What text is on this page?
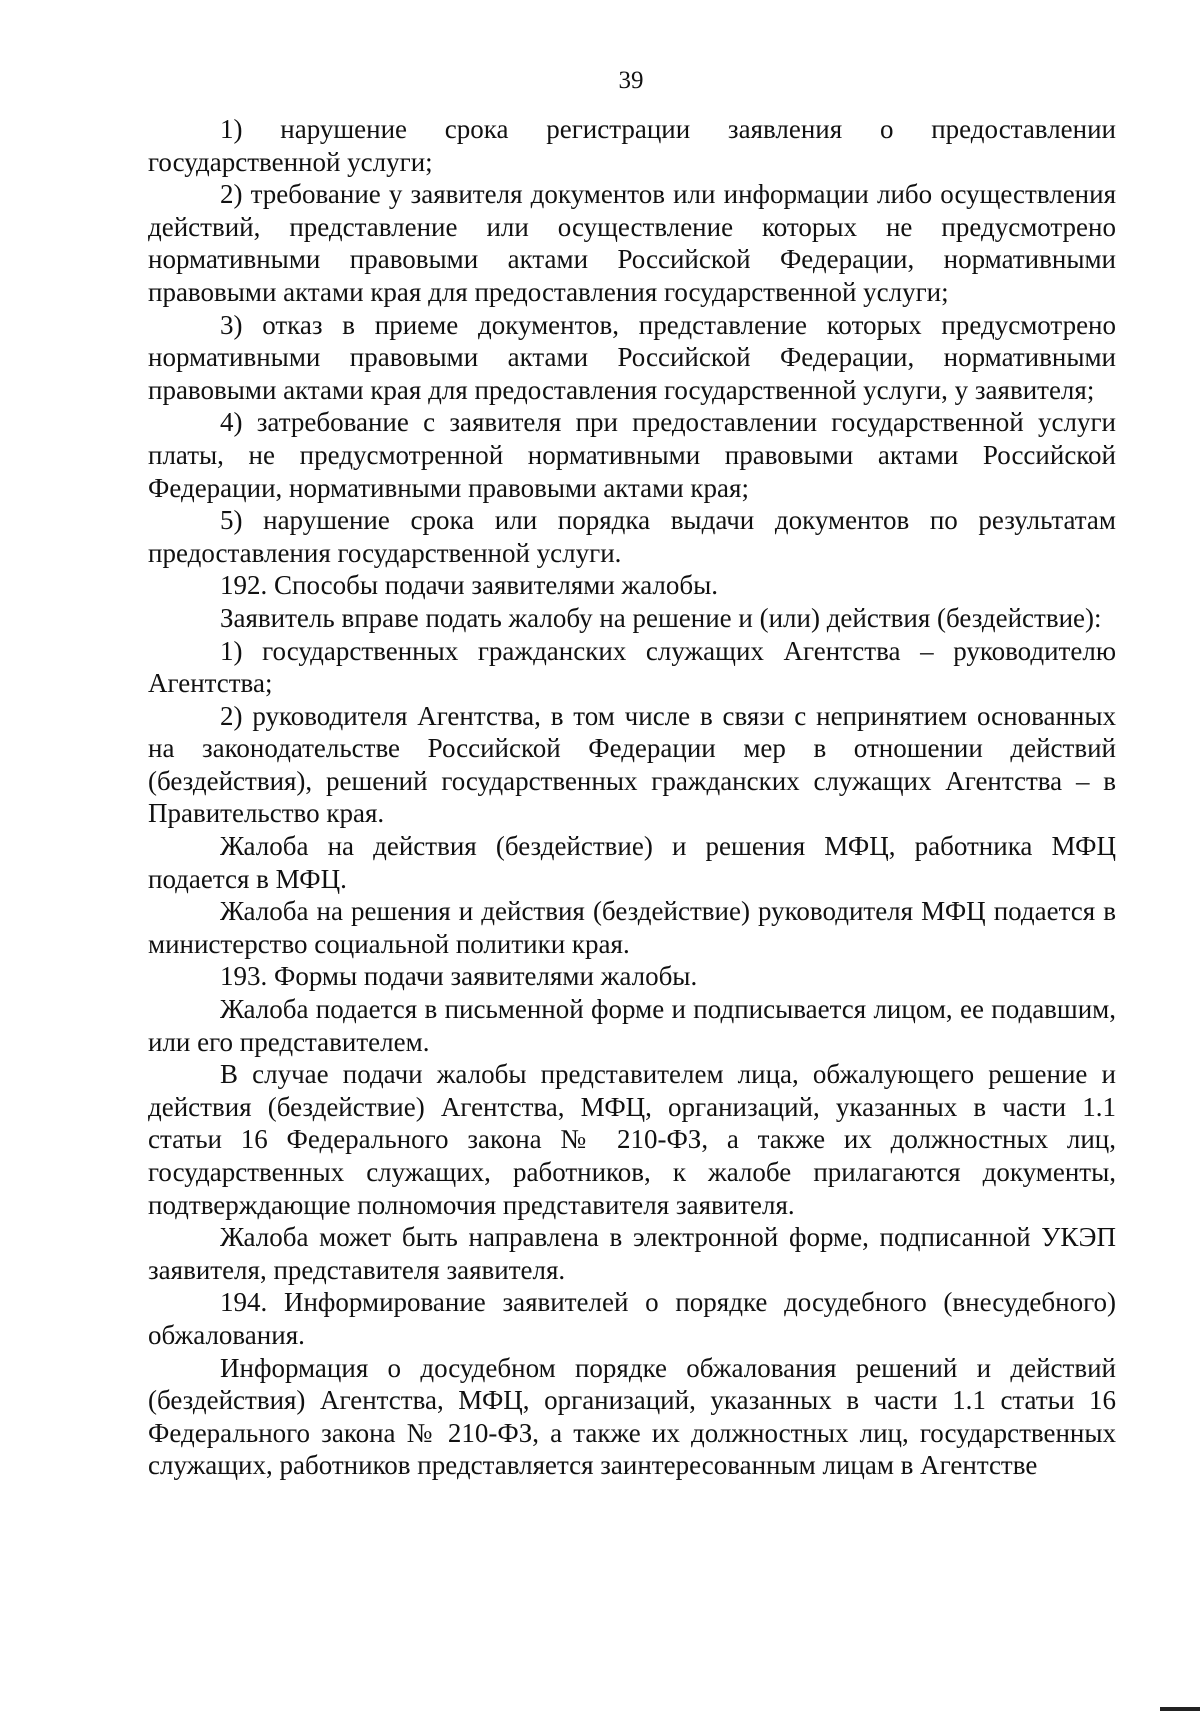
39

1) нарушение срока регистрации заявления о предоставлении государственной услуги;

2) требование у заявителя документов или информации либо осуществления действий, представление или осуществление которых не предусмотрено нормативными правовыми актами Российской Федерации, нормативными правовыми актами края для предоставления государственной услуги;

3) отказ в приеме документов, представление которых предусмотрено нормативными правовыми актами Российской Федерации, нормативными правовыми актами края для предоставления государственной услуги, у заявителя;

4) затребование с заявителя при предоставлении государственной услуги платы, не предусмотренной нормативными правовыми актами Российской Федерации, нормативными правовыми актами края;

5) нарушение срока или порядка выдачи документов по результатам предоставления государственной услуги.

192. Способы подачи заявителями жалобы.

Заявитель вправе подать жалобу на решение и (или) действия (бездействие):

1) государственных гражданских служащих Агентства – руководителю Агентства;

2) руководителя Агентства, в том числе в связи с непринятием основанных на законодательстве Российской Федерации мер в отношении действий (бездействия), решений государственных гражданских служащих Агентства – в Правительство края.

Жалоба на действия (бездействие) и решения МФЦ, работника МФЦ подается в МФЦ.

Жалоба на решения и действия (бездействие) руководителя МФЦ подается в министерство социальной политики края.

193. Формы подачи заявителями жалобы.

Жалоба подается в письменной форме и подписывается лицом, ее подавшим, или его представителем.

В случае подачи жалобы представителем лица, обжалующего решение и действия (бездействие) Агентства, МФЦ, организаций, указанных в части 1.1 статьи 16 Федерального закона № 210-ФЗ, а также их должностных лиц, государственных служащих, работников, к жалобе прилагаются документы, подтверждающие полномочия представителя заявителя.

Жалоба может быть направлена в электронной форме, подписанной УКЭП заявителя, представителя заявителя.

194. Информирование заявителей о порядке досудебного (внесудебного) обжалования.

Информация о досудебном порядке обжалования решений и действий (бездействия) Агентства, МФЦ, организаций, указанных в части 1.1 статьи 16 Федерального закона № 210-ФЗ, а также их должностных лиц, государственных служащих, работников представляется заинтересованным лицам в Агентстве
